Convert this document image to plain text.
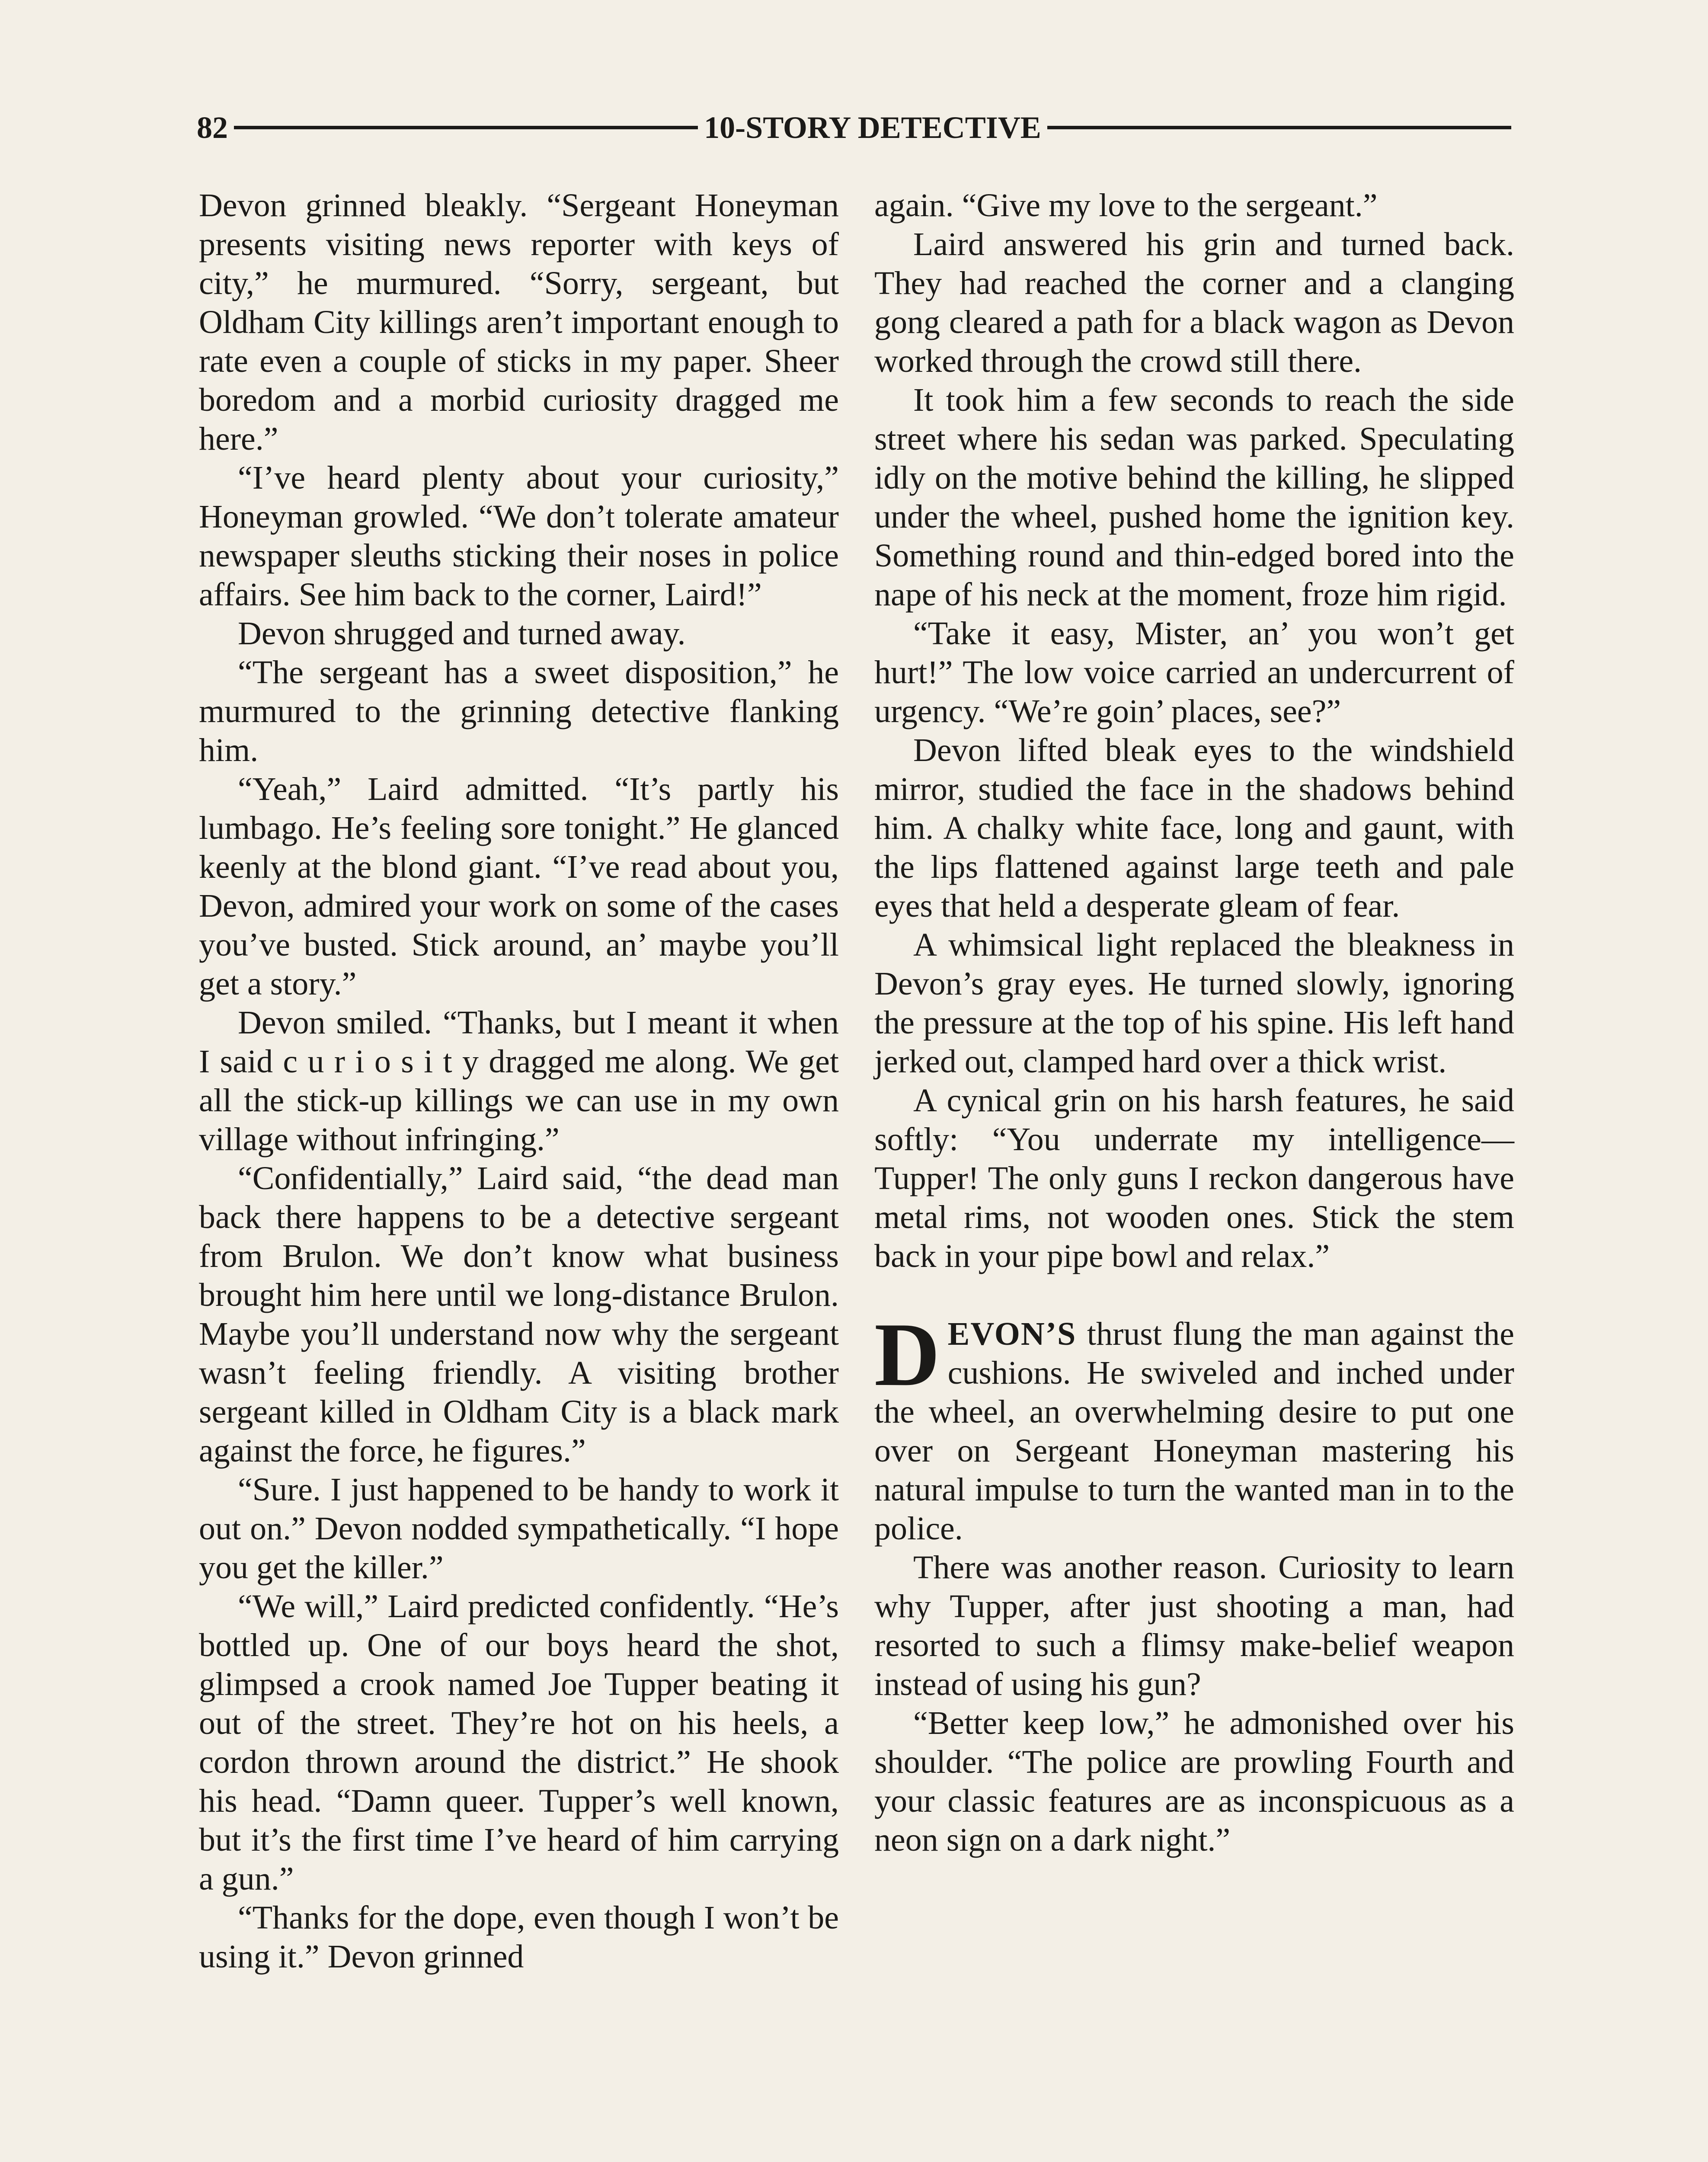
82	10-STORY DETECTIVE

Devon grinned bleakly. “Sergeant Honeyman presents visiting news reporter with keys of city,” he murmured. “Sorry, sergeant, but Oldham City killings aren’t important enough to rate even a couple of sticks in my paper. Sheer boredom and a morbid curiosity dragged me here.”

“I’ve heard plenty about your curiosity,” Honeyman growled. “We don’t tolerate amateur newspaper sleuths sticking their noses in police affairs. See him back to the corner, Laird!”

Devon shrugged and turned away.

“The sergeant has a sweet disposition,” he murmured to the grinning detective flanking him.

“Yeah,” Laird admitted. “It’s partly his lumbago. He’s feeling sore tonight.” He glanced keenly at the blond giant. “I’ve read about you, Devon, admired your work on some of the cases you’ve busted. Stick around, an’ maybe you’ll get a story.”

Devon smiled. “Thanks, but I meant it when I said c u r i o s i t y dragged me along. We get all the stick-up killings we can use in my own village without infringing.”

“Confidentially,” Laird said, “the dead man back there happens to be a detective sergeant from Brulon. We don’t know what business brought him here until we long-distance Brulon. Maybe you’ll understand now why the sergeant wasn’t feeling friendly. A visiting brother sergeant killed in Oldham City is a black mark against the force, he figures.”

“Sure. I just happened to be handy to work it out on.” Devon nodded sympathetically. “I hope you get the killer.”

“We will,” Laird predicted confidently. “He’s bottled up. One of our boys heard the shot, glimpsed a crook named Joe Tupper beating it out of the street. They’re hot on his heels, a cordon thrown around the district.” He shook his head. “Damn queer. Tupper’s well known, but it’s the first time I’ve heard of him carrying a gun.”

“Thanks for the dope, even though I won’t be using it.” Devon grinned

again. “Give my love to the sergeant.”

Laird answered his grin and turned back. They had reached the corner and a clanging gong cleared a path for a black wagon as Devon worked through the crowd still there.

It took him a few seconds to reach the side street where his sedan was parked. Speculating idly on the motive behind the killing, he slipped under the wheel, pushed home the ignition key. Something round and thin-edged bored into the nape of his neck at the moment, froze him rigid.

“Take it easy, Mister, an’ you won’t get hurt!” The low voice carried an undercurrent of urgency. “We’re goin’ places, see?”

Devon lifted bleak eyes to the windshield mirror, studied the face in the shadows behind him. A chalky white face, long and gaunt, with the lips flattened against large teeth and pale eyes that held a desperate gleam of fear.

A whimsical light replaced the bleakness in Devon’s gray eyes. He turned slowly, ignoring the pressure at the top of his spine. His left hand jerked out, clamped hard over a thick wrist.

A cynical grin on his harsh features, he said softly: “You underrate my intelligence—Tupper! The only guns I reckon dangerous have metal rims, not wooden ones. Stick the stem back in your pipe bowl and relax.”

DEVON’S thrust flung the man against the cushions. He swiveled and inched under the wheel, an overwhelming desire to put one over on Sergeant Honeyman mastering his natural impulse to turn the wanted man in to the police.

There was another reason. Curiosity to learn why Tupper, after just shooting a man, had resorted to such a flimsy make-belief weapon instead of using his gun?

“Better keep low,” he admonished over his shoulder. “The police are prowling Fourth and your classic features are as inconspicuous as a neon sign on a dark night.”
